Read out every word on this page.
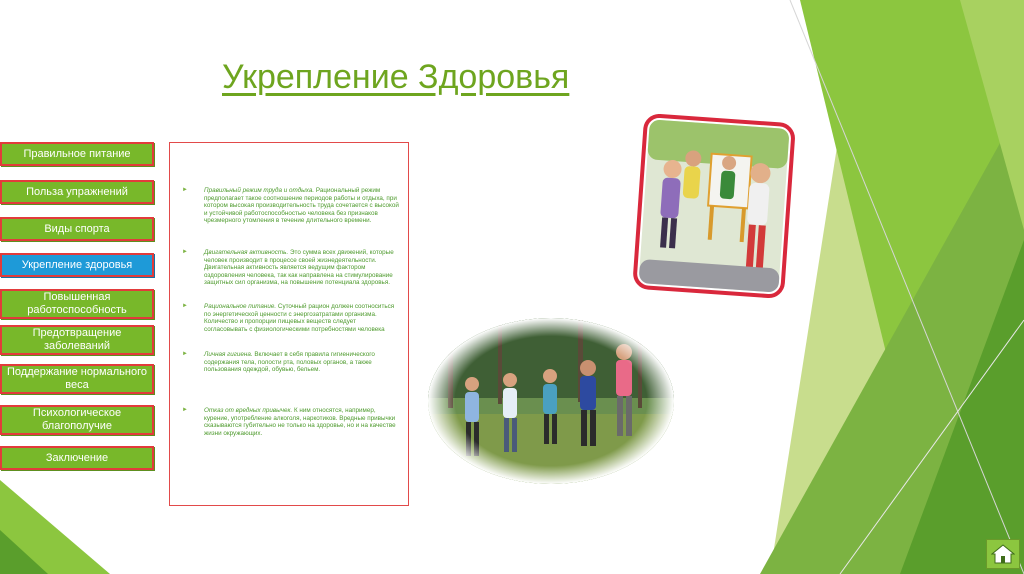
Укрепление Здоровья
Правильное питание
Польза упражнений
Виды спорта
Укрепление здоровья
Повышенная работоспособность
Предотвращение заболеваний
Поддержание нормального веса
Психологическое благополучие
Заключение
►	Правильный режим труда и отдыха. Рациональный режим предполагает такое соотношение периодов работы и отдыха, при котором высокая производительность труда сочетается с высокой и устойчивой работоспособностью человека без признаков чрезмерного утомления в течение длительного времени.
►	Двигательная активность. Это сумма всех движений, которые человек производит в процессе своей жизнедеятельности. Двигательная активность является ведущим фактором оздоровления человека, так как направлена на стимулирование защитных сил организма, на повышение потенциала здоровья.
►	Рациональное питание. Суточный рацион должен соотноситься по энергетической ценности с энергозатратами организма. Количество и пропорции пищевых веществ следует согласовывать с физиологическими потребностями человека
►	Личная гигиена. Включает в себя правила гигиенического содержания тела, полости рта, половых органов, а также пользования одеждой, обувью, бельем.
►	Отказ от вредных привычек. К ним относятся, например, курение, употребление алкоголя, наркотиков. Вредные привычки сказываются губительно не только на здоровье, но и на качестве жизни окружающих.
